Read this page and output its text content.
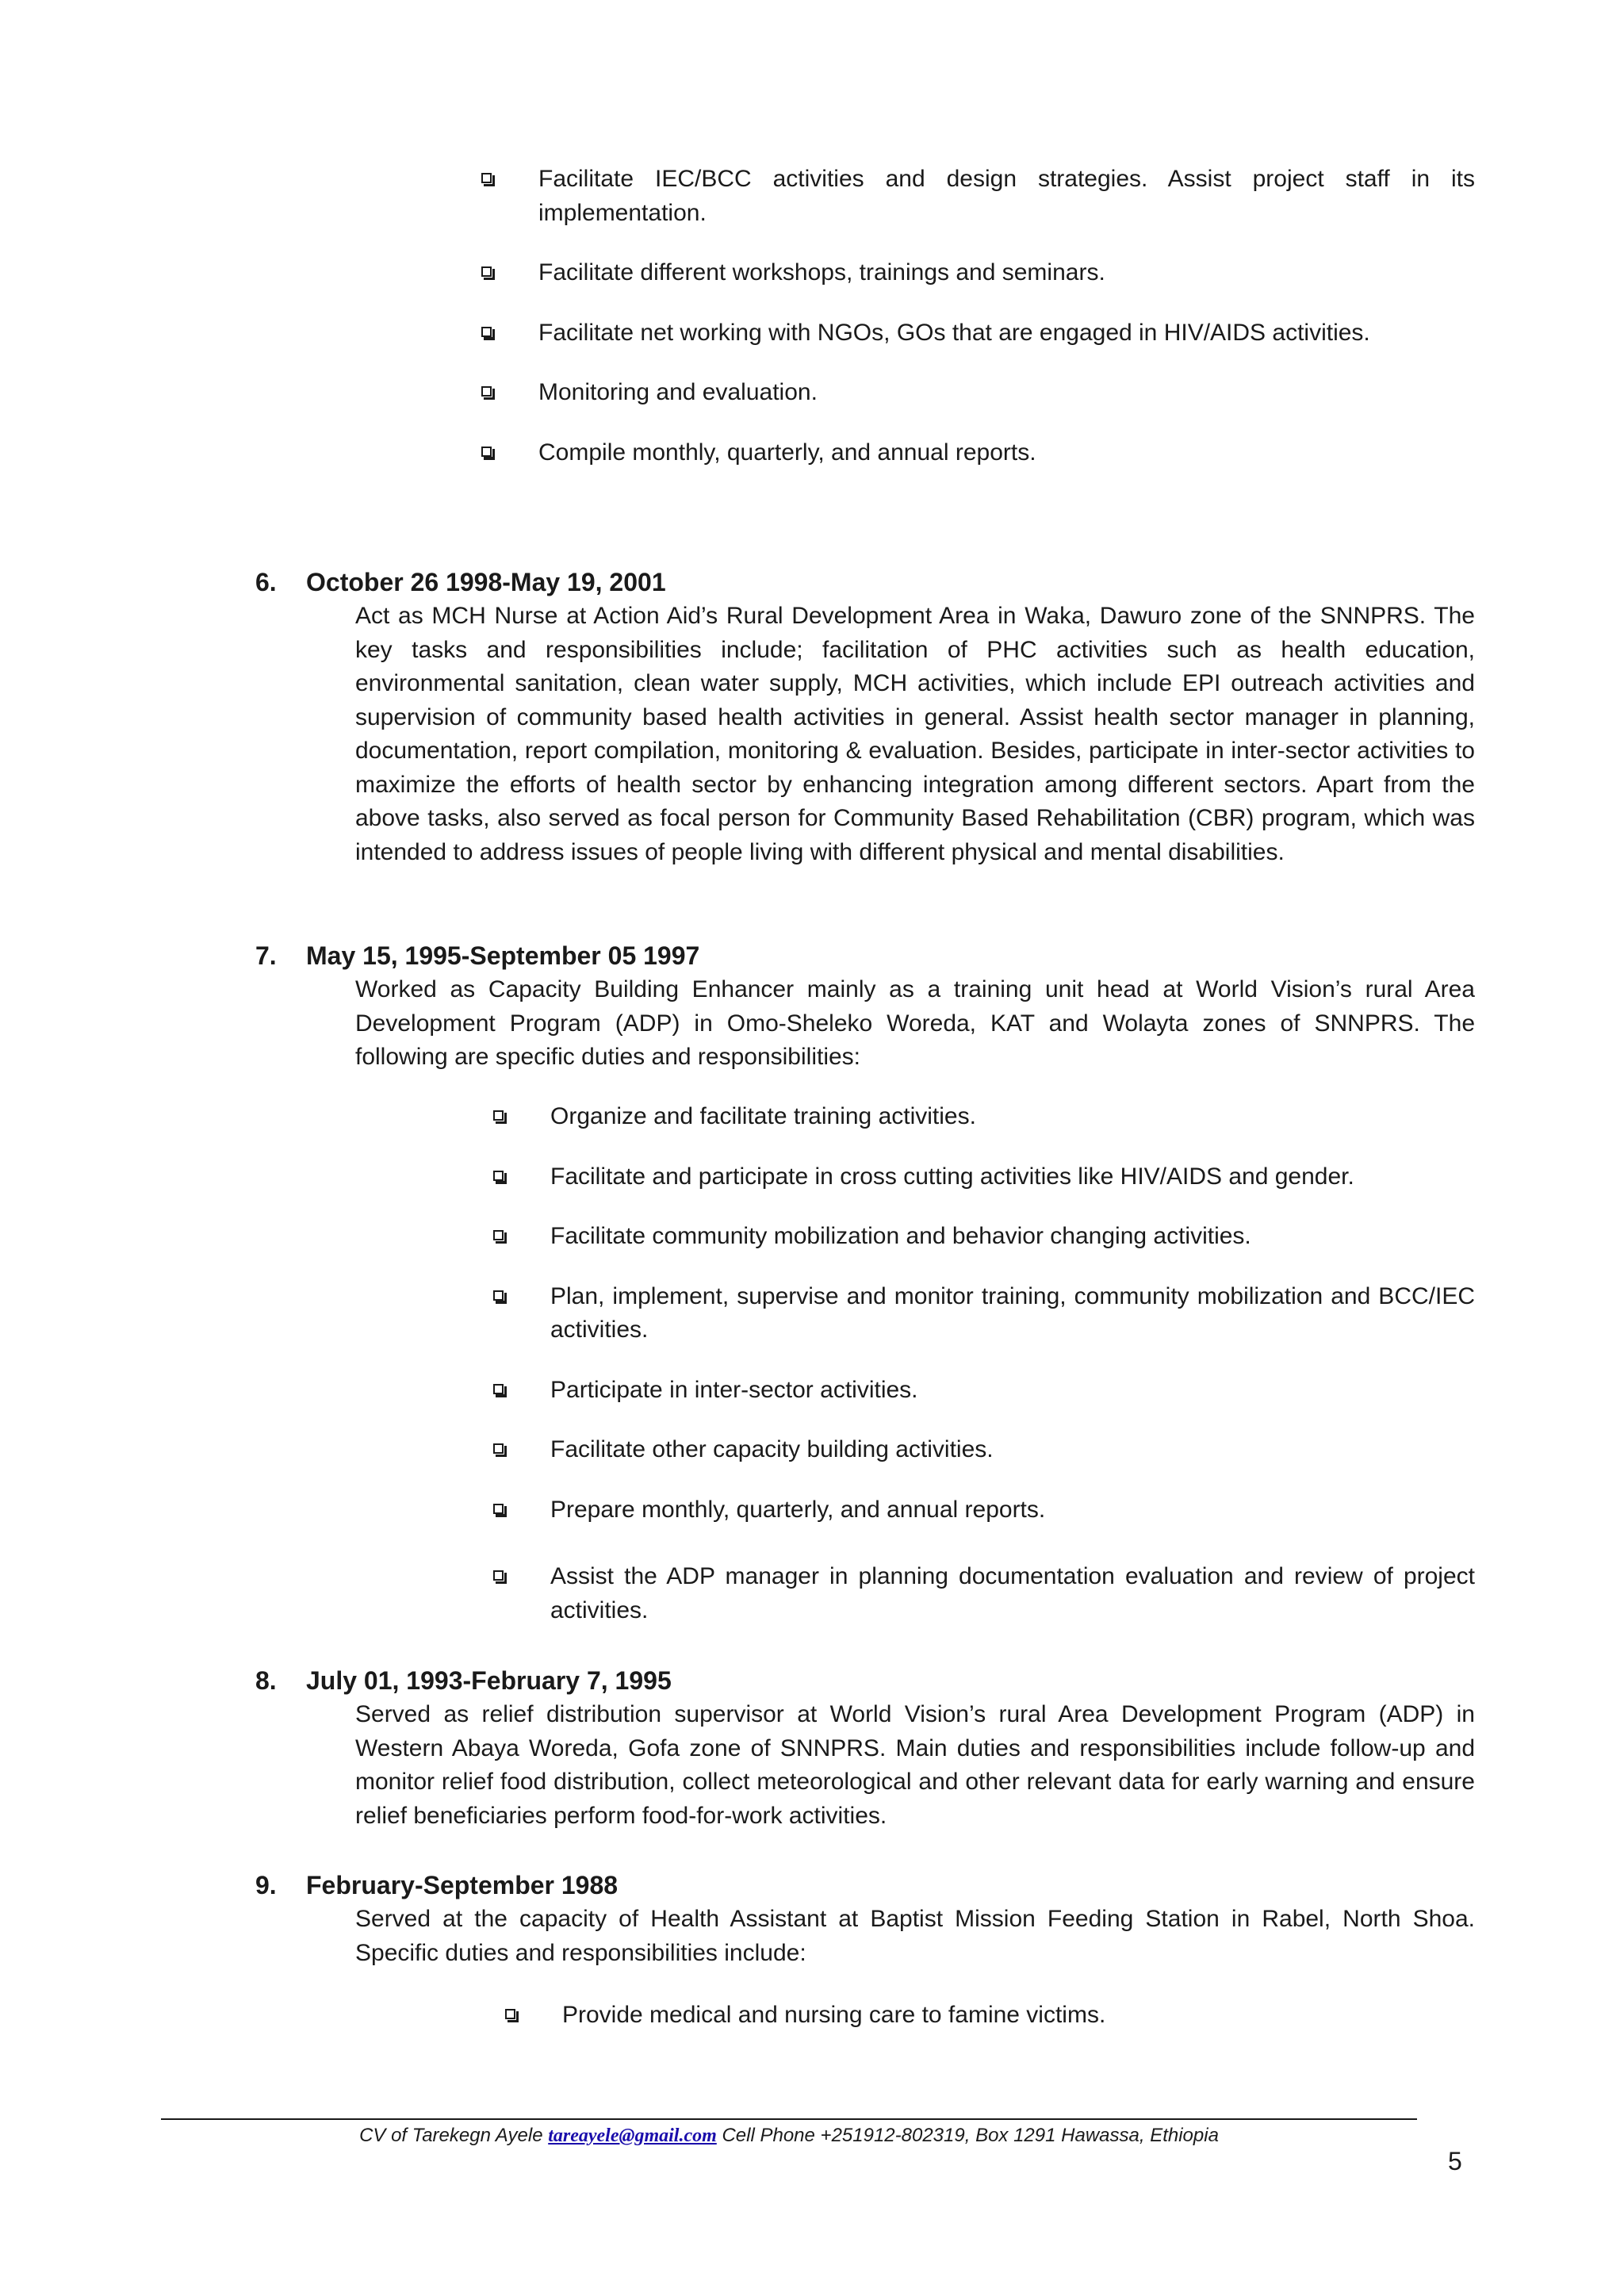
Facilitate IEC/BCC activities and design strategies. Assist project staff in its implementation.
Facilitate different workshops, trainings and seminars.
Facilitate net working with NGOs, GOs that are engaged in HIV/AIDS activities.
Monitoring and evaluation.
Compile monthly, quarterly, and annual reports.
6. October 26 1998-May 19, 2001
Act as MCH Nurse at Action Aid’s Rural Development Area in Waka, Dawuro zone of the SNNPRS. The key tasks and responsibilities include; facilitation of PHC activities such as health education, environmental sanitation, clean water supply, MCH activities, which include EPI outreach activities and supervision of community based health activities in general. Assist health sector manager in planning, documentation, report compilation, monitoring & evaluation. Besides, participate in inter-sector activities to maximize the efforts of health sector by enhancing integration among different sectors. Apart from the above tasks, also served as focal person for Community Based Rehabilitation (CBR) program, which was intended to address issues of people living with different physical and mental disabilities.
7. May 15, 1995-September 05 1997
Worked as Capacity Building Enhancer mainly as a training unit head at World Vision’s rural Area Development Program (ADP) in Omo-Sheleko Woreda, KAT and Wolayta zones of SNNPRS. The following are specific duties and responsibilities:
Organize and facilitate training activities.
Facilitate and participate in cross cutting activities like HIV/AIDS and gender.
Facilitate community mobilization and behavior changing activities.
Plan, implement, supervise and monitor training, community mobilization and BCC/IEC activities.
Participate in inter-sector activities.
Facilitate other capacity building activities.
Prepare monthly, quarterly, and annual reports.
Assist the ADP manager in planning documentation evaluation and review of project activities.
8. July 01, 1993-February 7, 1995
Served as relief distribution supervisor at World Vision’s rural Area Development Program (ADP) in Western Abaya Woreda, Gofa zone of SNNPRS. Main duties and responsibilities include follow-up and monitor relief food distribution, collect meteorological and other relevant data for early warning and ensure relief beneficiaries perform food-for-work activities.
9. February-September 1988
Served at the capacity of Health Assistant at Baptist Mission Feeding Station in Rabel, North Shoa. Specific duties and responsibilities include:
Provide medical and nursing care to famine victims.
CV of Tarekegn Ayele tareayele@gmail.com Cell Phone +251912-802319, Box 1291 Hawassa, Ethiopia
5
